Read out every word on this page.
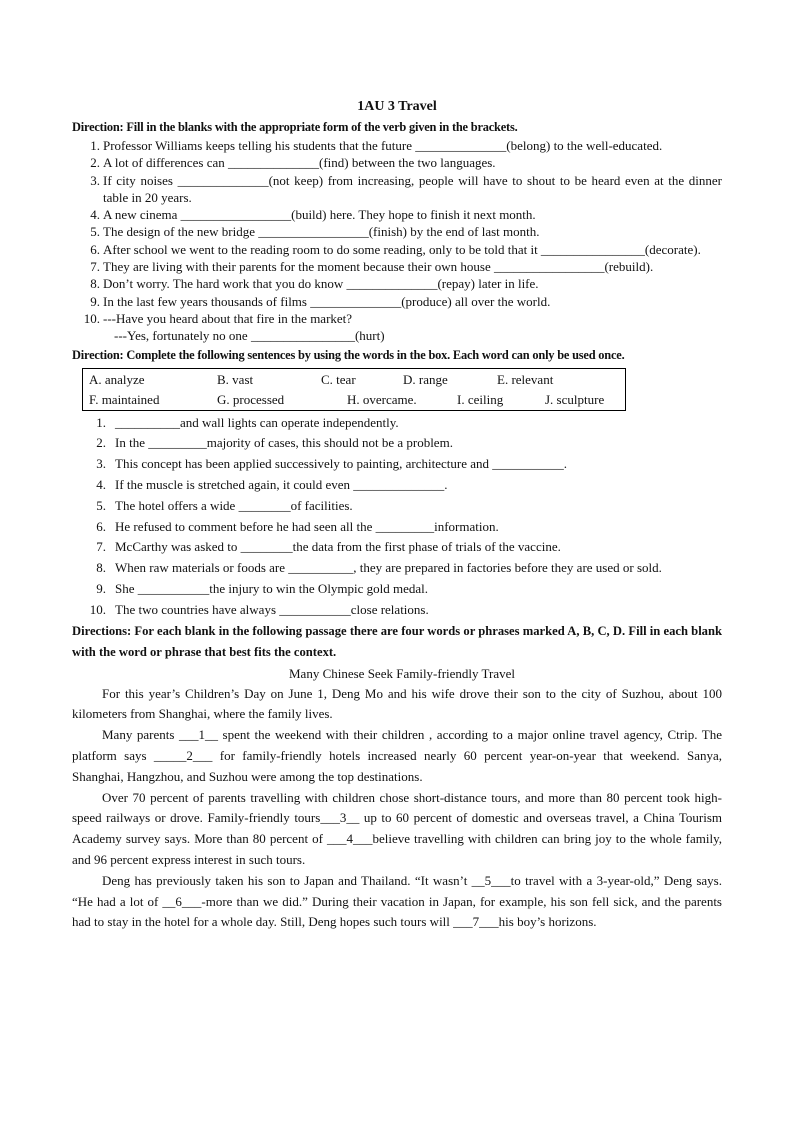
1AU 3 Travel
Direction: Fill in the blanks with the appropriate form of the verb given in the brackets.
1. Professor Williams keeps telling his students that the future ______________(belong) to the well-educated.
2. A lot of differences can ______________(find) between the two languages.
3. If city noises ______________(not keep) from increasing, people will have to shout to be heard even at the dinner table in 20 years.
4. A new cinema _________________(build) here. They hope to finish it next month.
5. The design of the new bridge _________________(finish) by the end of last month.
6. After school we went to the reading room to do some reading, only to be told that it ________________(decorate).
7. They are living with their parents for the moment because their own house _________________(rebuild).
8. Don’t worry. The hard work that you do know ______________(repay) later in life.
9. In the last few years thousands of films ______________(produce) all over the world.
10. ---Have you heard about that fire in the market?
---Yes, fortunately no one ________________(hurt)
Direction: Complete the following sentences by using the words in the box. Each word can only be used once.
A. analyze	B. vast	C. tear	D. range	E. relevant
F. maintained	G. processed	H. overcame.	I. ceiling	J. sculpture
1. __________and wall lights can operate independently.
2. In the _________majority of cases, this should not be a problem.
3. This concept has been applied successively to painting, architecture and ___________.
4. If the muscle is stretched again, it could even ______________.
5. The hotel offers a wide ________of facilities.
6. He refused to comment before he had seen all the _________information.
7. McCarthy was asked to ________the data from the first phase of trials of the vaccine.
8. When raw materials or foods are __________, they are prepared in factories before they are used or sold.
9. She ___________the injury to win the Olympic gold medal.
10. The two countries have always ___________close relations.
Directions: For each blank in the following passage there are four words or phrases marked A, B, C, D. Fill in each blank with the word or phrase that best fits the context.
Many Chinese Seek Family-friendly Travel

For this year’s Children’s Day on June 1, Deng Mo and his wife drove their son to the city of Suzhou, about 100 kilometers from Shanghai, where the family lives.

Many parents ___1__ spent the weekend with their children , according to a major online travel agency, Ctrip. The platform says _____2___ for family-friendly hotels increased nearly 60 percent year-on-year that weekend. Sanya, Shanghai, Hangzhou, and Suzhou were among the top destinations.

Over 70 percent of parents travelling with children chose short-distance tours, and more than 80 percent took high-speed railways or drove. Family-friendly tours___3__ up to 60 percent of domestic and overseas travel, a China Tourism Academy survey says. More than 80 percent of ___4___believe travelling with children can bring joy to the whole family, and 96 percent express interest in such tours.

Deng has previously taken his son to Japan and Thailand. “It wasn’t __5___to travel with a 3-year-old,” Deng says. “He had a lot of __6___-more than we did.” During their vacation in Japan, for example, his son fell sick, and the parents had to stay in the hotel for a whole day. Still, Deng hopes such tours will ___7___his boy’s horizons.
